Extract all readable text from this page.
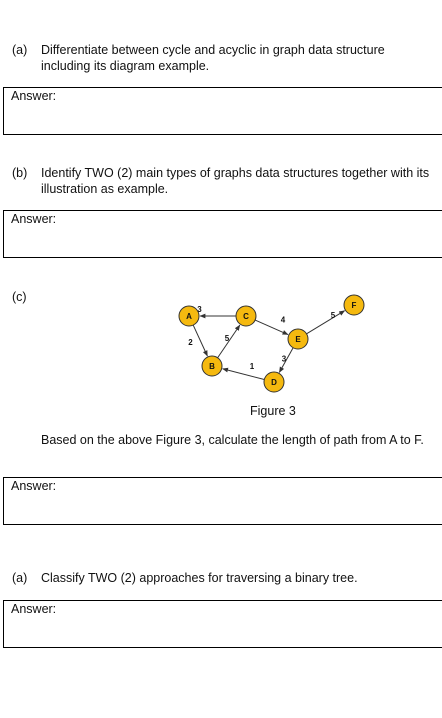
(a) Differentiate between cycle and acyclic in graph data structure including its diagram example.
Answer:
(b) Identify TWO (2) main types of graphs data structures together with its illustration as example.
Answer:
(c)
3
2	5
4
3
1
5
A
B
C
D
E
F
Figure 3
Based on the above Figure 3, calculate the length of path from A to F.
Answer:
(a) Classify TWO (2) approaches for traversing a binary tree.
Answer:
